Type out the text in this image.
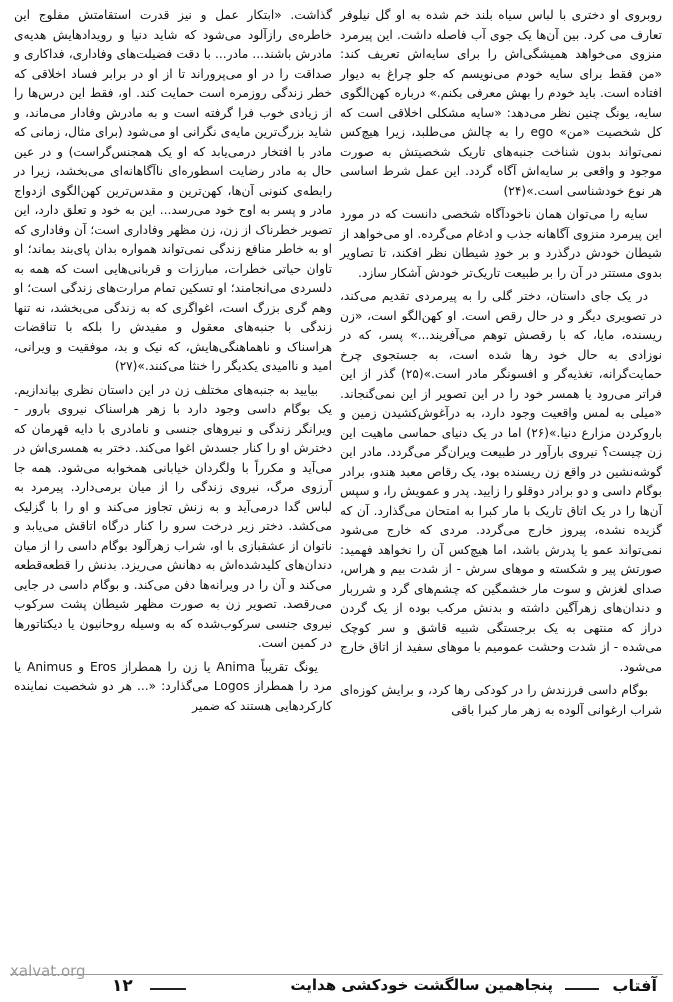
روبروی او دختری با لباس سیاه بلند خم شده به او گل نیلوفر تعارف می کرد. بین آن‌ها یک جوی آب فاصله داشت. این پیرمرد منزوی می‌خواهد همیشگی‌اش را برای سایه‌اش تعریف کند: «من فقط برای سایه خودم می‌نویسم که جلو چراغ به دیوار افتاده است. باید خودم را بهش معرفی بکنم.» درباره کهن‌الگوی سایه، یونگ چنین نظر می‌دهد: «سایه مشکلی اخلاقی است که کل شخصیت «من» ego را به چالش می‌طلبد، زیرا هیچ‌کس نمی‌تواند بدون شناخت جنبه‌های تاریک شخصیتش به صورت موجود و واقعی بر سایه‌اش آگاه گردد. این عمل شرط اساسی هر نوع خودشناسی است.»(۲۴)

سایه را می‌توان همان ناخودآگاه شخصی دانست که در مورد این پیرمرد منزوی آگاهانه جذب و ادغام می‌گرده. او می‌خواهد از شیطان خودش درگذرد و بر خودِ شیطان نظر افکند، تا تصاویر بدوی مستتر در آن را بر طبیعت تاریک‌تر خودش آشکار سازد.

در یک جای داستان، دختر گلی را به پیرمردی تقدیم می‌کند، در تصویری دیگر و در حال رقص است. او کهن‌الگو است، «زن ریسنده، مایا، که با رقصش توهم می‌آفریند...» پسر، که در نوزادی به حال خود رها شده است، به جستجوی چرخ حمایت‌گرانه، تغذیه‌گر و افسونگر مادر است.»(۲۵) گذر از این فراتر می‌رود یا همسر خود را در این تصویر از این نمی‌گنجاند. «میلی به لمس واقعیت وجود دارد، به درآغوش‌کشیدن زمین و باروکردن مزارع دنیا.»(۲۶) اما در یک دنیای حماسی ماهیت این زن چیست؟ نیروی بارآور در طبیعت ویران‌گر می‌گردد. مادر این گوشه‌نشین در واقع زن ریسنده بود، یک رقاص معبد هندو، برادر بوگام داسی و دو برادر دوقلو را زایید. پدر و عمویش را، و سپس آن‌ها را در یک اتاق تاریک با مار کبرا به امتحان می‌گذارد. آن که گزیده نشده، پیروز خارج می‌گردد. مردی که خارج می‌شود نمی‌تواند عمو یا پدرش باشد، اما هیچ‌کس آن را نخواهد فهمید: صورتش پیر و شکسته و موهای سرش - از شدت بیم و هراس، صدای لغزش و سوت مار خشمگین که چشم‌های گرد و شرربار و دندان‌های زهرآگین داشته و بدنش مرکب بوده از یک گردن دراز که منتهی به یک برجستگی شبیه قاشق و سر کوچک می‌شده - از شدت وحشت عمومیم با موهای سفید از اتاق خارج می‌شود.

بوگام داسی فرزندش را در کودکی رها کرد، و برایش کوزه‌ای شراب ارغوانی آلوده به زهر مار کبرا باقی

گذاشت. «ابتکار عمل و نیز قدرت استقامتش مفلوج این خاطره‌ی رازآلود می‌شود که شاید دنیا و رویدادهایش هدیه‌ی مادرش باشند... مادر... با دقت فضیلت‌های وفاداری، فداکاری و صداقت را در او می‌پروراند تا از او در برابر فساد اخلاقی که خطر زندگی روزمره است حمایت کند. او، فقط این درس‌ها را از زیادی خوب فرا گرفته است و به مادرش وفادار می‌ماند، و شاید بزرگ‌ترین مایه‌ی نگرانی او می‌شود (برای مثال، زمانی که مادر با افتخار درمی‌یابد که او یک همجنس‌گراست) و در عین حال به مادر رضایت اسطوره‌ای ناآگاهانه‌ای می‌بخشد، زیرا در رابطه‌ی کنونی آن‌ها، کهن‌ترین و مقدس‌ترین کهن‌الگوی ازدواج مادر و پسر به اوج خود می‌رسد... این به خود و تعلق دارد، این تصویر خطرناک از زن، زن مظهر وفاداری است؛ آن وفاداری که او به خاطر منافع زندگی نمی‌تواند همواره بدان پای‌بند بماند؛ او تاوان حیاتی خطرات، مبارزات و قربانی‌هایی است که همه به دلسردی می‌انجامند؛ او تسکین تمام مرارت‌های زندگی است؛ او وهم گری بزرگ است، اغواگری که به زندگی می‌بخشد، نه تنها زندگی با جنبه‌های معقول و مفیدش را بلکه با تناقضات هراسناک و ناهماهنگی‌هایش، که نیک و بد، موفقیت و ویرانی، امید و ناامیدی یکدیگر را خنثا می‌کنند.»(۲۷)

بیایید به جنبه‌های مختلف زن در این داستان نظری بیاندازیم. یک بوگام داسی وجود دارد با زهر هراسناک نیروی بارور - ویرانگر زندگی و نیروهای جنسی و نامادری با دایه قهرمان که دخترش او را کنار جسدش اغوا می‌کند. دختر به همسری‌اش در می‌آید و مکرراً با ولگردان خیابانی همخوابه می‌شود. همه جا آرزوی مرگ، نیروی زندگی را از میان برمی‌دارد. پیرمرد به لباس گدا درمی‌آید و به زنش تجاوز می‌کند و او را با گزلیک می‌کشد. دختر زیر درخت سرو را کنار درگاه اتاقش می‌یابد و ناتوان از عشقبازی با او، شراب زهرآلود بوگام داسی را از میان دندان‌های کلیدشده‌اش به دهانش می‌ریزد. بدنش را قطعه‌قطعه می‌کند و آن را در ویرانه‌ها دفن می‌کند. و بوگام داسی در جایی می‌رقصد. تصویر زن به صورت مظهر شیطان پشت سرکوب نیروی جنسی سرکوب‌شده که به وسیله روحانیون یا دیکتاتورها در کمین است.

یونگ تقریباً Anima یا زن را همطراز Eros و Animus یا مرد را همطراز Logos می‌گذارد: «... هر دو شخصیت نماینده کارکردهایی هستند که ضمیر

آفتاب
پنجاهمین سالگشت خودکشی هدایت
۱۲
xalvat.org
